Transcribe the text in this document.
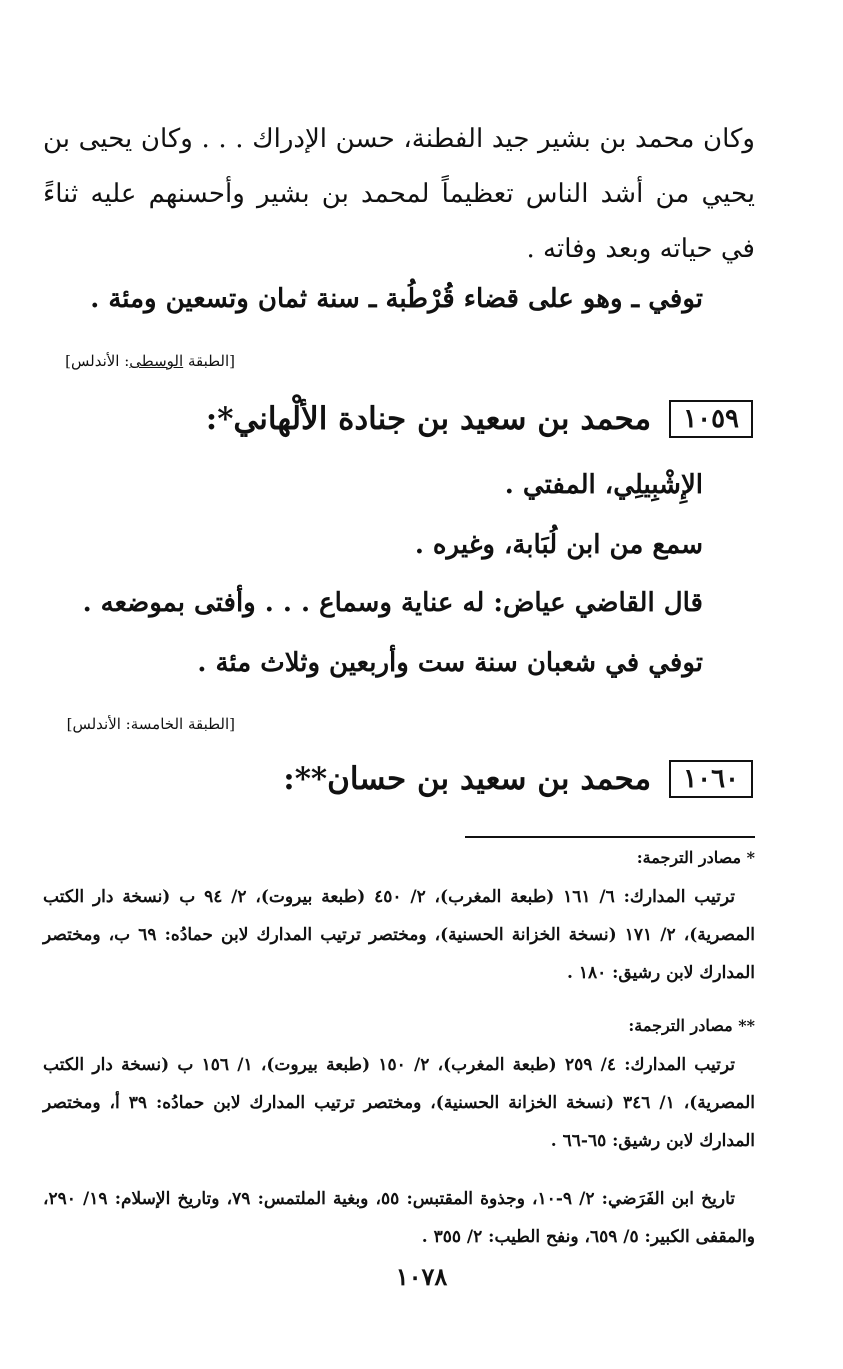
وكان محمد بن بشير جيد الفطنة، حسن الإدراك . . . وكان يحيى بن يحيي من أشد الناس تعظيماً لمحمد بن بشير وأحسنهم عليه ثناءً في حياته وبعد وفاته .
توفي ـ وهو على قضاء قُرْطُبة ـ سنة ثمان وتسعين ومئة .
[الطبقة الوسطى: الأندلس]
١٠٥٩
محمد بن سعيد بن جنادة الألْهاني*:
الإِشْبِيلِي، المفتي .
سمع من ابن لُبَابة، وغيره .
قال القاضي عياض: له عناية وسماع . . . وأفتى بموضعه .
توفي في شعبان سنة ست وأربعين وثلاث مئة .
[الطبقة الخامسة: الأندلس]
١٠٦٠
محمد بن سعيد بن حسان**:
* مصادر الترجمة:
ترتيب المدارك: ٦/ ١٦١ (طبعة المغرب)، ٢/ ٤٥٠ (طبعة بيروت)، ٢/ ٩٤ ب (نسخة دار الكتب المصرية)، ٢/ ١٧١ (نسخة الخزانة الحسنية)، ومختصر ترتيب المدارك لابن حمادُه: ٦٩ ب، ومختصر المدارك لابن رشيق: ١٨٠ .
** مصادر الترجمة:
ترتيب المدارك: ٤/ ٢٥٩ (طبعة المغرب)، ٢/ ١٥٠ (طبعة بيروت)، ١/ ١٥٦ ب (نسخة دار الكتب المصرية)، ١/ ٣٤٦ (نسخة الخزانة الحسنية)، ومختصر ترتيب المدارك لابن حمادُه: ٣٩ أ، ومختصر المدارك لابن رشيق: ٦٥-٦٦ .
تاريخ ابن الفَرَضي: ٢/ ٩-١٠، وجذوة المقتبس: ٥٥، وبغية الملتمس: ٧٩، وتاريخ الإسلام: ١٩/ ٢٩٠، والمقفى الكبير: ٥/ ٦٥٩، ونفح الطيب: ٢/ ٣٥٥ .
١٠٧٨
